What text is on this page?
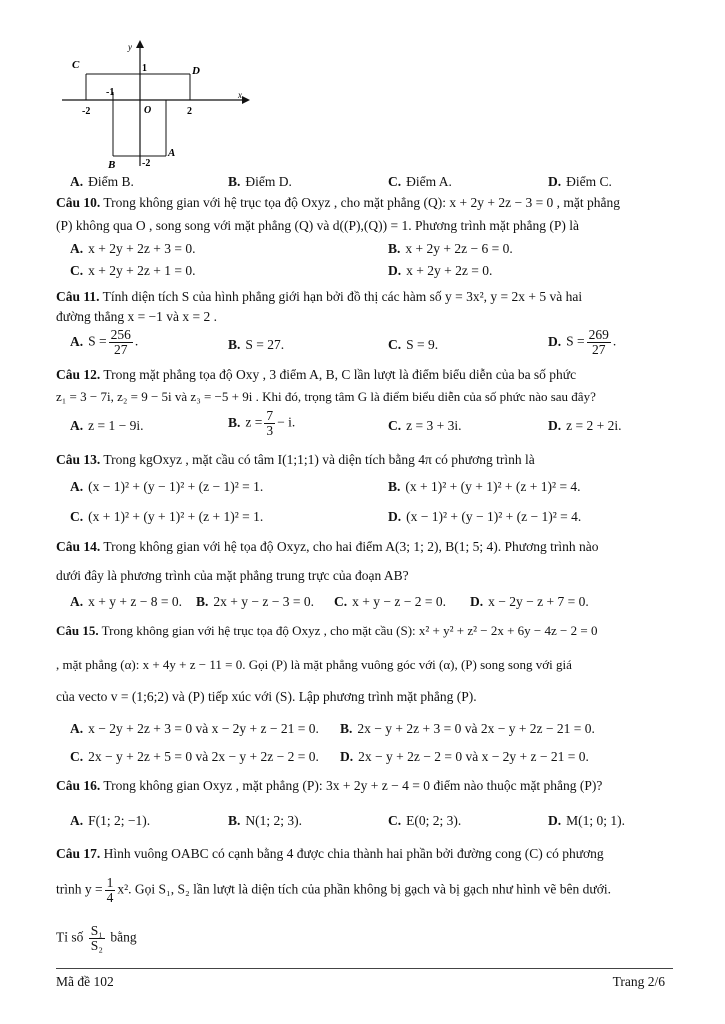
C	D
1
y
-1
-2	O	2
x
B	-2
A
A. Điểm B.	B. Điểm D.	C. Điểm A.	D. Điểm C.
Câu 10. Trong không gian với hệ trục tọa độ Oxyz , cho mặt phẳng (Q): x + 2y + 2z − 3 = 0 , mặt phẳng
(P) không qua O , song song với mặt phẳng (Q) và d((P),(Q)) = 1. Phương trình mặt phẳng (P) là
A. x + 2y + 2z + 3 = 0.	B. x + 2y + 2z − 6 = 0.
C. x + 2y + 2z + 1 = 0.	D. x + 2y + 2z = 0.
Câu 11. Tính diện tích S của hình phẳng giới hạn bởi đồ thị các hàm số y = 3x², y = 2x + 5 và hai
đường thẳng x = −1 và x = 2 .
A. $S = \frac{256}{27}$ .	B. S = 27.	C. S = 9.	D. $S = \frac{269}{27}$ .
Câu 12. Trong mặt phẳng tọa độ Oxy , 3 điểm A, B, C lần lượt là điểm biểu diễn của ba số phức
z₁ = 3 − 7i, z₂ = 9 − 5i và z₃ = −5 + 9i . Khi đó, trọng tâm G là điểm biểu diễn của số phức nào sau đây?
A. z = 1 − 9i.	B. $z = \frac{7}{3} - i$.	C. z = 3 + 3i.	D. z = 2 + 2i.
Câu 13. Trong kgOxyz , mặt cầu có tâm I(1;1;1) và diện tích bằng 4π có phương trình là
A. (x − 1)² + (y − 1)² + (z − 1)² = 1.	B. (x + 1)² + (y + 1)² + (z + 1)² = 4.
C. (x + 1)² + (y + 1)² + (z + 1)² = 1.	D. (x − 1)² + (y − 1)² + (z − 1)² = 4.
Câu 14. Trong không gian với hệ tọa độ Oxyz, cho hai điểm A(3; 1; 2), B(1; 5; 4). Phương trình nào
dưới đây là phương trình của mặt phẳng trung trực của đoạn AB?
A. x + y + z − 8 = 0. B. 2x + y − z − 3 = 0. C. x + y − z − 2 = 0. D. x − 2y − z + 7 = 0.
Câu 15. Trong không gian với hệ trục tọa độ Oxyz , cho mặt cầu (S): x² + y² + z² − 2x + 6y − 4z − 2 = 0
, mặt phẳng (α): x + 4y + z − 11 = 0. Gọi (P) là mặt phẳng vuông góc với (α), (P) song song với giá
của vecto v = (1;6;2) và (P) tiếp xúc với (S). Lập phương trình mặt phẳng (P).
A. x − 2y + 2z + 3 = 0 và x − 2y + z − 21 = 0. B. 2x − y + 2z + 3 = 0 và 2x − y + 2z − 21 = 0.
C. 2x − y + 2z + 5 = 0 và 2x − y + 2z − 2 = 0. D. 2x − y + 2z − 2 = 0 và x − 2y + z − 21 = 0.
Câu 16. Trong không gian Oxyz , mặt phẳng (P): 3x + 2y + z − 4 = 0 điểm nào thuộc mặt phẳng (P)?
A. F(1; 2; −1).	B. N(1; 2; 3).	C. E(0; 2; 3).	D. M(1; 0; 1).
Câu 17. Hình vuông OABC có cạnh bằng 4 được chia thành hai phần bởi đường cong (C) có phương
trình $y = \frac{1}{4} x^2$. Gọi S₁, S₂ lần lượt là diện tích của phần không bị gạch và bị gạch như hình vẽ bên dưới.
Tỉ số $\frac{\text{S₁}}{\text{S₂}}$ bằng
Mã đề 102	Trang 2/6
